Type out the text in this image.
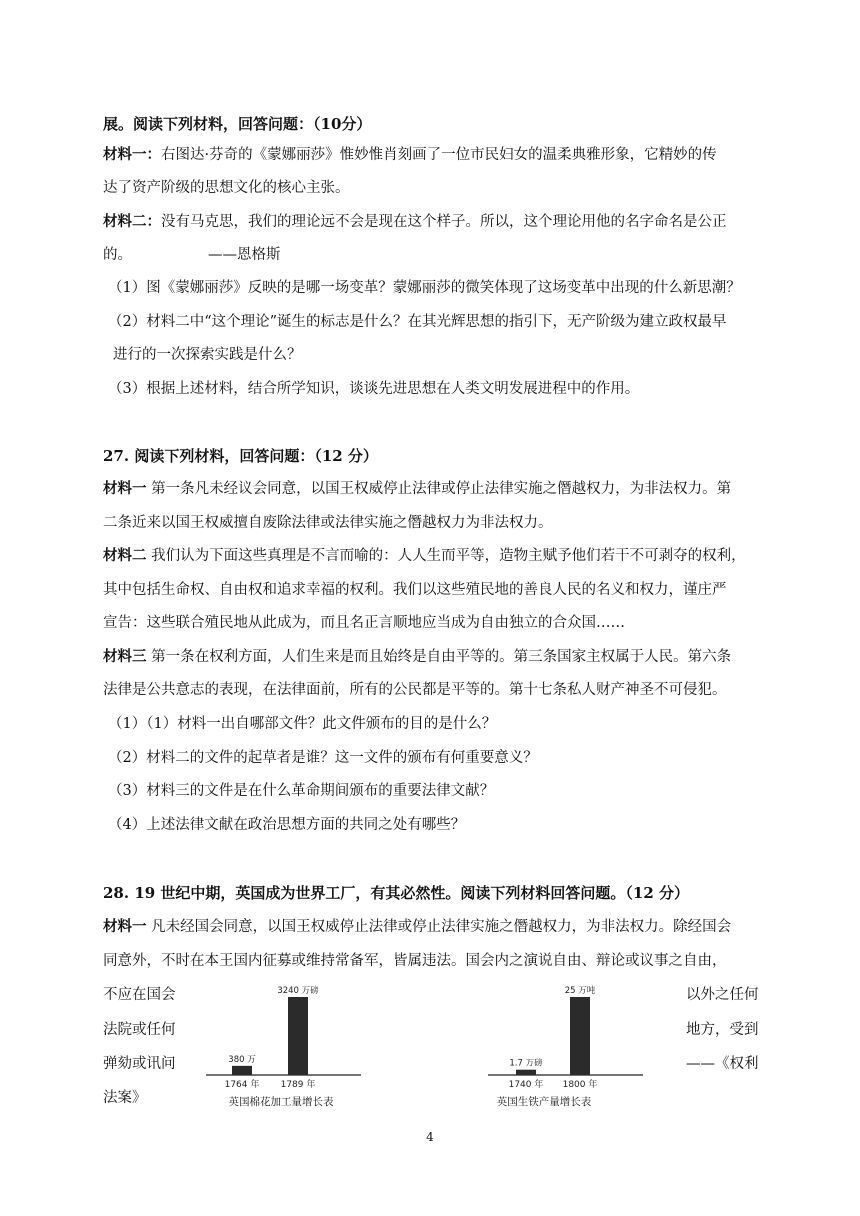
展。阅读下列材料，回答问题：（10分）
材料一：右图达·芬奇的《蒙娜丽莎》惟妙惟肖刻画了一位市民妇女的温柔典雅形象，它精妙的传
达了资产阶级的思想文化的核心主张。
材料二：没有马克思，我们的理论远不会是现在这个样子。所以，这个理论用他的名字命名是公正
的。	——恩格斯
（1）图《蒙娜丽莎》反映的是哪一场变革？蒙娜丽莎的微笑体现了这场变革中出现的什么新思潮？
（2）材料二中“这个理论”诞生的标志是什么？在其光辉思想的指引下，无产阶级为建立政权最早
进行的一次探索实践是什么？
（3）根据上述材料，结合所学知识，谈谈先进思想在人类文明发展进程中的作用。
27. 阅读下列材料，回答问题：（12 分）
材料一 第一条凡未经议会同意，以国王权威停止法律或停止法律实施之僭越权力，为非法权力。第
二条近来以国王权威擅自废除法律或法律实施之僭越权力为非法权力。
材料二 我们认为下面这些真理是不言而喻的：人人生而平等，造物主赋予他们若干不可剥夺的权利，
其中包括生命权、自由权和追求幸福的权利。我们以这些殖民地的善良人民的名义和权力，谨庄严
宣告：这些联合殖民地从此成为，而且名正言顺地应当成为自由独立的合众国……
材料三 第一条在权利方面，人们生来是而且始终是自由平等的。第三条国家主权属于人民。第六条
法律是公共意志的表现，在法律面前，所有的公民都是平等的。第十七条私人财产神圣不可侵犯。
（1）（1）材料一出自哪部文件？此文件颁布的目的是什么？
（2）材料二的文件的起草者是谁？这一文件的颁布有何重要意义？
（3）材料三的文件是在什么革命期间颁布的重要法律文献？
（4）上述法律文献在政治思想方面的共同之处有哪些？
28. 19 世纪中期，英国成为世界工厂，有其必然性。阅读下列材料回答问题。（12 分）
材料一 凡未经国会同意，以国王权威停止法律或停止法律实施之僭越权力，为非法权力。除经国会
同意外，不时在本王国内征募或维持常备军，皆属违法。国会内之演说自由、辩论或议事之自由，
不应在国会
法院或任何
弹劾或讯问
法案》
以外之任何
地方，受到
——《权利
380 万
1764 年
3240 万磅
1789 年
英国棉花加工量增长表
1.7 万磅
1740 年
25 万吨
1800 年
英国生铁产量增长表
4
